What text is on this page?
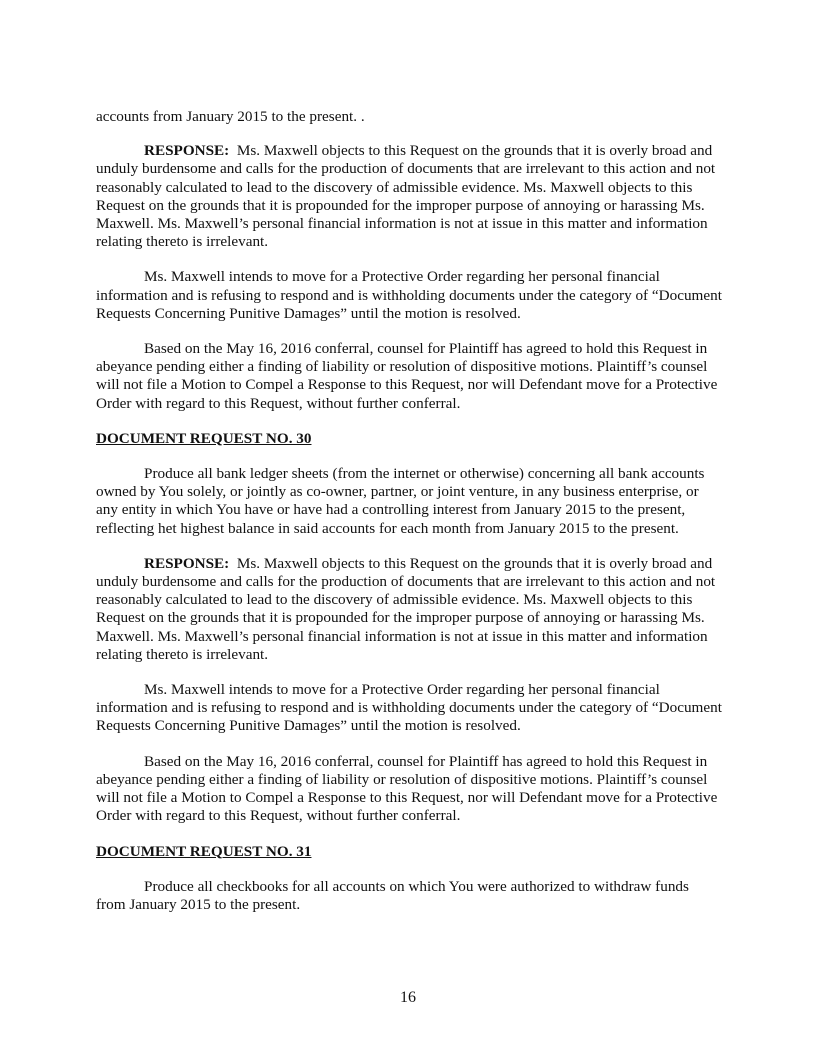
accounts from January 2015 to the present. .

RESPONSE: Ms. Maxwell objects to this Request on the grounds that it is overly broad and unduly burdensome and calls for the production of documents that are irrelevant to this action and not reasonably calculated to lead to the discovery of admissible evidence. Ms. Maxwell objects to this Request on the grounds that it is propounded for the improper purpose of annoying or harassing Ms. Maxwell. Ms. Maxwell’s personal financial information is not at issue in this matter and information relating thereto is irrelevant.

Ms. Maxwell intends to move for a Protective Order regarding her personal financial information and is refusing to respond and is withholding documents under the category of “Document Requests Concerning Punitive Damages” until the motion is resolved.

Based on the May 16, 2016 conferral, counsel for Plaintiff has agreed to hold this Request in abeyance pending either a finding of liability or resolution of dispositive motions. Plaintiff’s counsel will not file a Motion to Compel a Response to this Request, nor will Defendant move for a Protective Order with regard to this Request, without further conferral.

DOCUMENT REQUEST NO. 30

Produce all bank ledger sheets (from the internet or otherwise) concerning all bank accounts owned by You solely, or jointly as co-owner, partner, or joint venture, in any business enterprise, or any entity in which You have or have had a controlling interest from January 2015 to the present, reflecting het highest balance in said accounts for each month from January 2015 to the present.

RESPONSE: Ms. Maxwell objects to this Request on the grounds that it is overly broad and unduly burdensome and calls for the production of documents that are irrelevant to this action and not reasonably calculated to lead to the discovery of admissible evidence. Ms. Maxwell objects to this Request on the grounds that it is propounded for the improper purpose of annoying or harassing Ms. Maxwell. Ms. Maxwell’s personal financial information is not at issue in this matter and information relating thereto is irrelevant.

Ms. Maxwell intends to move for a Protective Order regarding her personal financial information and is refusing to respond and is withholding documents under the category of “Document Requests Concerning Punitive Damages” until the motion is resolved.

Based on the May 16, 2016 conferral, counsel for Plaintiff has agreed to hold this Request in abeyance pending either a finding of liability or resolution of dispositive motions. Plaintiff’s counsel will not file a Motion to Compel a Response to this Request, nor will Defendant move for a Protective Order with regard to this Request, without further conferral.

DOCUMENT REQUEST NO. 31

Produce all checkbooks for all accounts on which You were authorized to withdraw funds from January 2015 to the present.

16
